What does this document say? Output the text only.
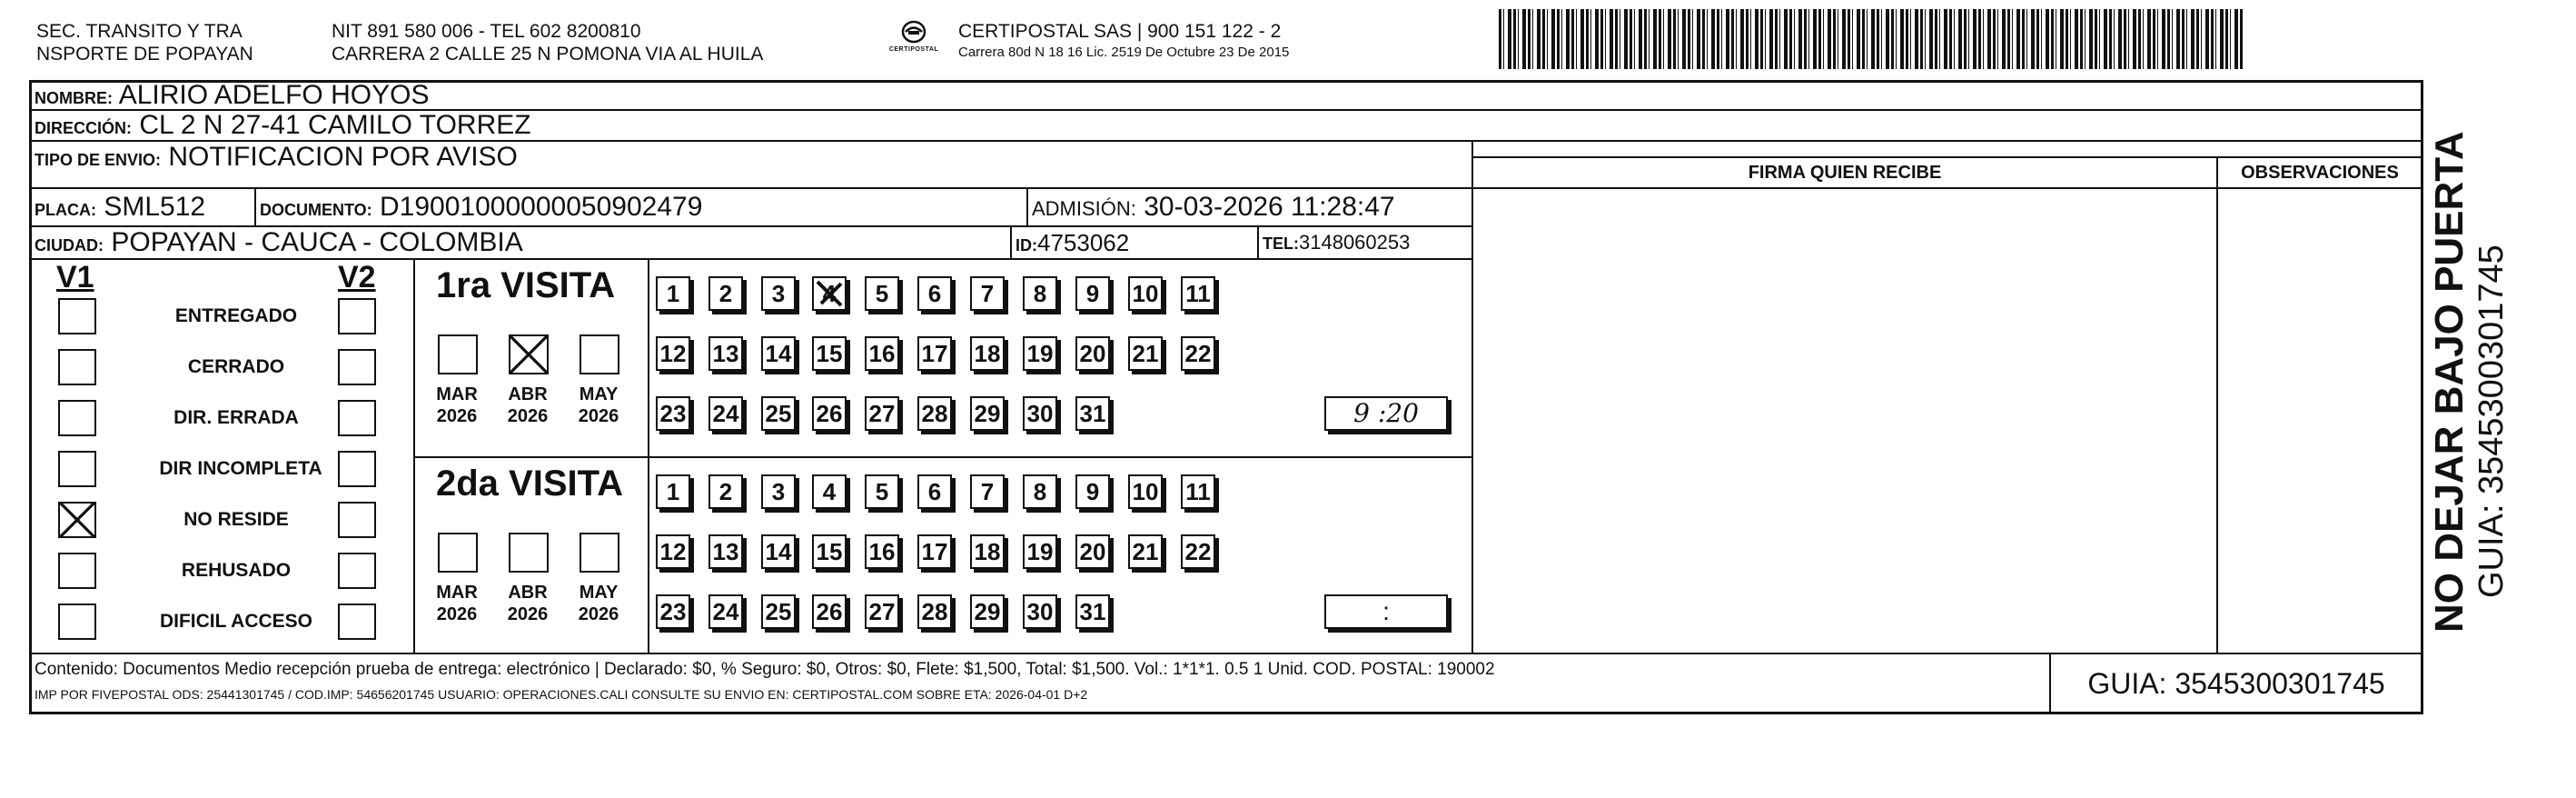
SEC. TRANSITO Y TRA
NSPORTE DE POPAYAN
NIT 891 580 006 - TEL 602 8200810
CARRERA 2 CALLE 25 N POMONA VIA AL HUILA	CERTIPOSTAL
CERTIPOSTAL SAS | 900 151 122 - 2
Carrera 80d N 18 16 Lic. 2519 De Octubre 23 De 2015
NOMBRE: ALIRIO ADELFO HOYOS
DIRECCIÓN: CL 2 N 27-41 CAMILO TORREZ
TIPO DE ENVIO: NOTIFICACION POR AVISO
PLACA: SML512	DOCUMENTO: D19001000000050902479	ADMISIÓN: 30-03-2026 11:28:47
CIUDAD: POPAYAN - CAUCA - COLOMBIA	ID:4753062	TEL:3148060253
FIRMA QUIEN RECIBE	OBSERVACIONES
V1	V2
ENTREGADO
CERRADO
DIR. ERRADA
DIR INCOMPLETA
NO RESIDE
REHUSADO
DIFICIL ACCESO
1ra VISITA
MAR
2026
ABR
2026
MAY
2026
1	2	3	4	5	6	7	8	9	10 11
12 13 14 15 16 17 18 19 20 21 22
23 24 25 26 27 28 29 30 31	9 :20
2da VISITA
MAR
2026
ABR
2026
MAY
2026
1	2	3	4	5	6	7	8	9	10 11
12 13 14 15 16 17 18 19 20 21 22
23 24 25 26 27 28 29 30 31	:
Contenido: Documentos Medio recepción prueba de entrega: electrónico | Declarado: $0, % Seguro: $0, Otros: $0, Flete: $1,500, Total: $1,500. Vol.: 1*1*1. 0.5 1 Unid. COD. POSTAL: 190002
IMP POR FIVEPOSTAL ODS: 25441301745 / COD.IMP: 54656201745 USUARIO: OPERACIONES.CALI CONSULTE SU ENVIO EN: CERTIPOSTAL.COM SOBRE ETA: 2026-04-01 D+2	GUIA: 3545300301745
NO DEJAR BAJO PUERTA GUIA: 3545300301745
